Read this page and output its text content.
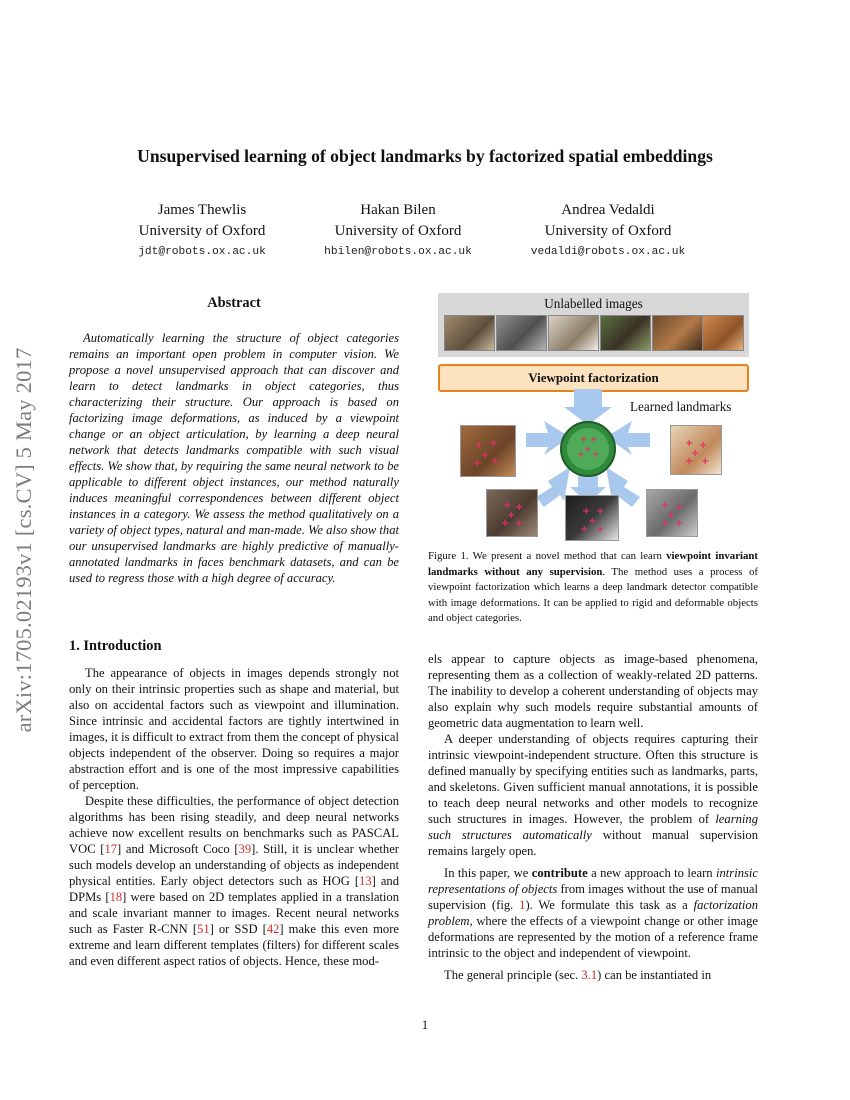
Unsupervised learning of object landmarks by factorized spatial embeddings
James Thewlis
University of Oxford
jdt@robots.ox.ac.uk
Hakan Bilen
University of Oxford
hbilen@robots.ox.ac.uk
Andrea Vedaldi
University of Oxford
vedaldi@robots.ox.ac.uk
arXiv:1705.02193v1 [cs.CV] 5 May 2017
Abstract

Automatically learning the structure of object categories remains an important open problem in computer vision. We propose a novel unsupervised approach that can discover and learn to detect landmarks in object categories, thus characterizing their structure. Our approach is based on factorizing image deformations, as induced by a viewpoint change or an object articulation, by learning a deep neural network that detects landmarks compatible with such visual effects. We show that, by requiring the same neural network to be applicable to different object instances, our method naturally induces meaningful correspondences between different object instances in a category. We assess the method qualitatively on a variety of object types, natural and man-made. We also show that our unsupervised landmarks are highly predictive of manually-annotated landmarks in faces benchmark datasets, and can be used to regress those with a high degree of accuracy.

Unlabelled images
Viewpoint factorization
Learned landmarks
+ +
+
+ +
+ +
+
+ +
+ +
+
+ +
+ +
+
+ +
+ +
+
+ +
+ +
+
+ +
Figure 1. We present a novel method that can learn viewpoint invariant landmarks without any supervision. The method uses a process of viewpoint factorization which learns a deep landmark detector compatible with image deformations. It can be applied to rigid and deformable objects and object categories.
1. Introduction

The appearance of objects in images depends strongly not only on their intrinsic properties such as shape and material, but also on accidental factors such as viewpoint and illumination. Since intrinsic and accidental factors are tightly intertwined in images, it is difficult to extract from them the concept of physical objects independent of the observer. Doing so requires a major abstraction effort and is one of the most impressive capabilities of perception.

Despite these difficulties, the performance of object detection algorithms has been rising steadily, and deep neural networks achieve now excellent results on benchmarks such as PASCAL VOC [17] and Microsoft Coco [39]. Still, it is unclear whether such models develop an understanding of objects as independent physical entities. Early object detectors such as HOG [13] and DPMs [18] were based on 2D templates applied in a translation and scale invariant manner to images. Recent neural networks such as Faster R-CNN [51] or SSD [42] make this even more extreme and learn different templates (filters) for different scales and even different aspect ratios of objects. Hence, these mod-

els appear to capture objects as image-based phenomena, representing them as a collection of weakly-related 2D patterns. The inability to develop a coherent understanding of objects may also explain why such models require substantial amounts of geometric data augmentation to learn well.

A deeper understanding of objects requires capturing their intrinsic viewpoint-independent structure. Often this structure is defined manually by specifying entities such as landmarks, parts, and skeletons. Given sufficient manual annotations, it is possible to teach deep neural networks and other models to recognize such structures in images. However, the problem of learning such structures automatically without manual supervision remains largely open.

In this paper, we contribute a new approach to learn intrinsic representations of objects from images without the use of manual supervision (fig. 1). We formulate this task as a factorization problem, where the effects of a viewpoint change or other image deformations are represented by the motion of a reference frame intrinsic to the object and independent of viewpoint.

The general principle (sec. 3.1) can be instantiated in

1
